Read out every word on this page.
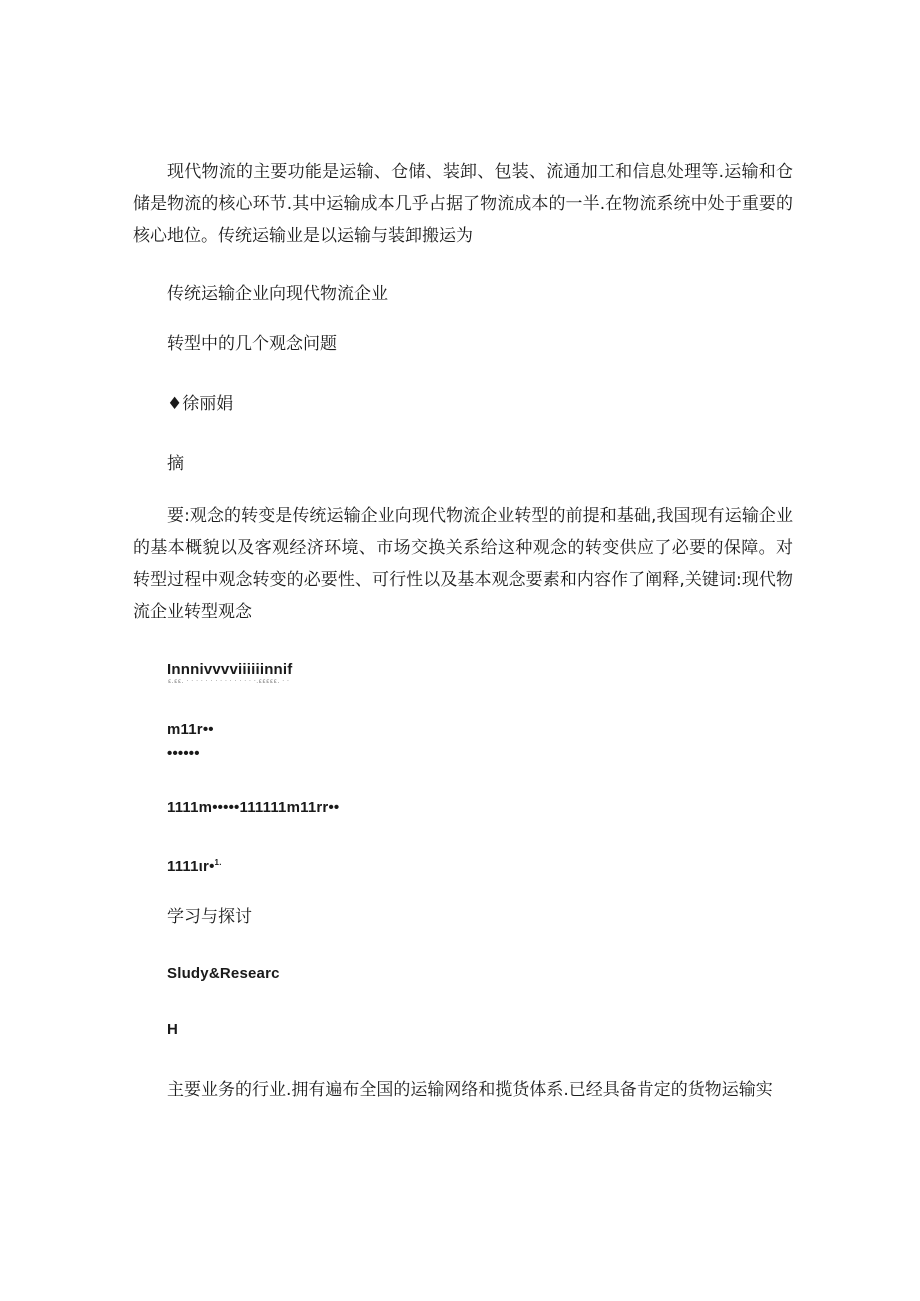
现代物流的主要功能是运输、仓储、装卸、包装、流通加工和信息处理等.运输和仓储是物流的核心环节.其中运输成本几乎占据了物流成本的一半.在物流系统中处于重要的核心地位。传统运输业是以运输与装卸搬运为

传统运输企业向现代物流企业

转型中的几个观念问题

♦徐丽娟

摘

要:观念的转变是传统运输企业向现代物流企业转型的前提和基础,我国现有运输企业的基本概貌以及客观经济环境、市场交换关系给这种观念的转变供应了必要的保障。对转型过程中观念转变的必要性、可行性以及基本观念要素和内容作了阐释,关键词:现代物流企业转型观念

Innnivvvviiiiiinnif

ɛ.ɛɛ. · · · · · · · · · · · · · · ·.ɛɛɛɛɛ. · ·

m11r••

••••••

1111m•••••111111m11rr••

1111ιr•$^{1.}$

学习与探讨

Sludy&Researc

H

主要业务的行业.拥有遍布全国的运输网络和揽货体系.已经具备肯定的货物运输实
